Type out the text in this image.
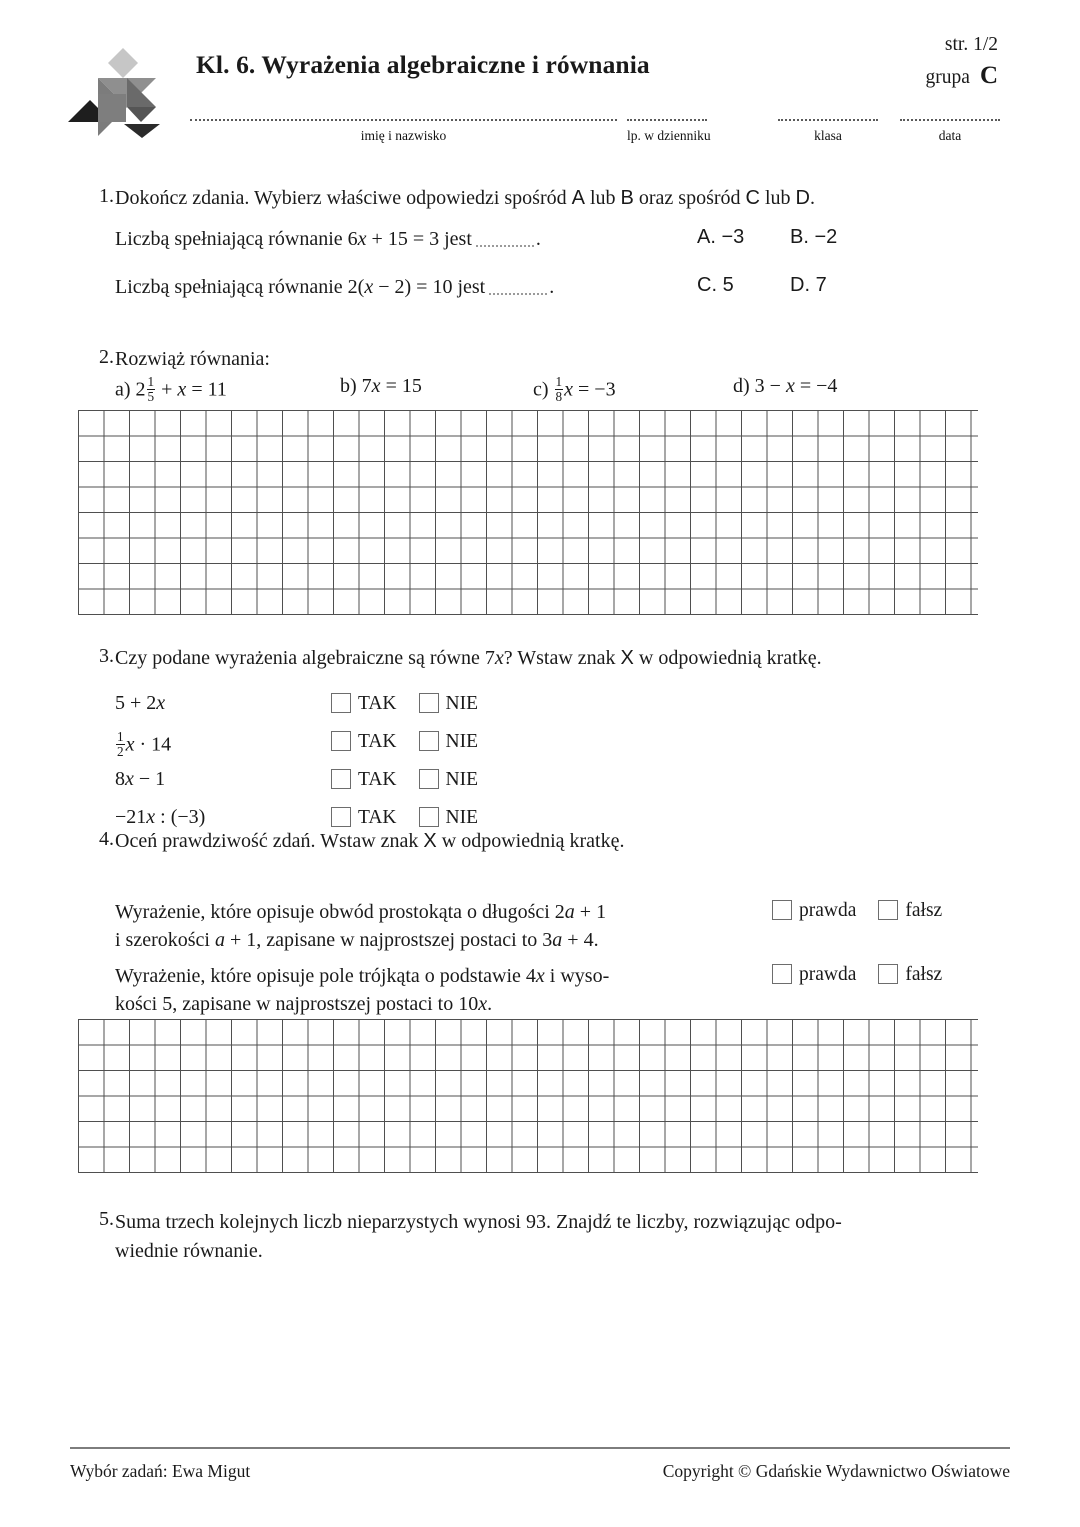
Kl. 6. Wyrażenia algebraiczne i równania
str. 1/2
grupa C
imię i nazwisko	lp. w dzienniku	klasa	data
1. Dokończ zdania. Wybierz właściwe odpowiedzi spośród A lub B oraz spośród C lub D.
Liczbą spełniającą równanie 6x + 15 = 3 jest	.	A. −3 B. −2
Liczbą spełniającą równanie 2(x − 2) = 10 jest	.	C. 5	D. 7
2. Rozwiąż równania:
a) $2 \frac{1}{5} + x = 11$	b) 7x = 15	$c) \frac{1}{8}$ x = −3	d) 3 − x = −4
3. Czy podane wyrażenia algebraiczne są równe 7x? Wstaw znak X w odpowiednią kratkę.
5 + 2x	TAK	NIE
$\frac{1}{2}$ x · 14	TAK	NIE
8x − 1	TAK	NIE
−21x : (−3)	TAK	NIE
4. Oceń prawdziwość zdań. Wstaw znak X w odpowiednią kratkę.
Wyrażenie, które opisuje obwód prostokąta o długości 2a + 1
i szerokości a + 1, zapisane w najprostszej postaci to 3a + 4.
prawda	fałsz
Wyrażenie, które opisuje pole trójkąta o podstawie 4x i wyso-
kości 5, zapisane w najprostszej postaci to 10x.
prawda	fałsz
5. Suma trzech kolejnych liczb nieparzystych wynosi 93. Znajdź te liczby, rozwiązując odpo-
wiednie równanie.
Wybór zadań: Ewa Migut	Copyright © Gdańskie Wydawnictwo Oświatowe
